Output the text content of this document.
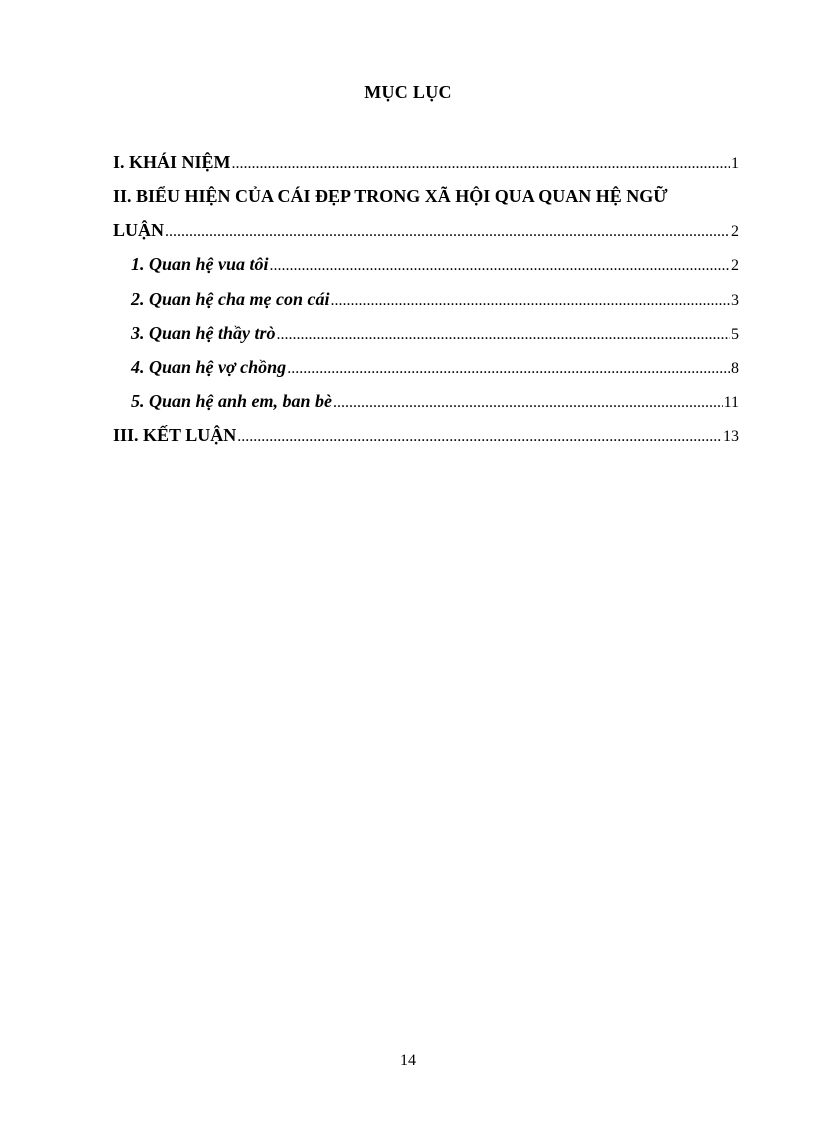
MỤC LỤC
I. KHÁI NIỆM .....	1
II. BIỂU HIỆN CỦA CÁI ĐẸP TRONG XÃ HỘI QUA QUAN HỆ NGỮ
LUẬN .....	2
1. Quan hệ vua tôi .....	2
2. Quan hệ cha mẹ con cái .....	3
3. Quan hệ thầy trò .....	5
4. Quan hệ vợ chồng .....	8
5. Quan hệ anh em, ban bè .....	11
III. KẾT LUẬN .....	13
14
